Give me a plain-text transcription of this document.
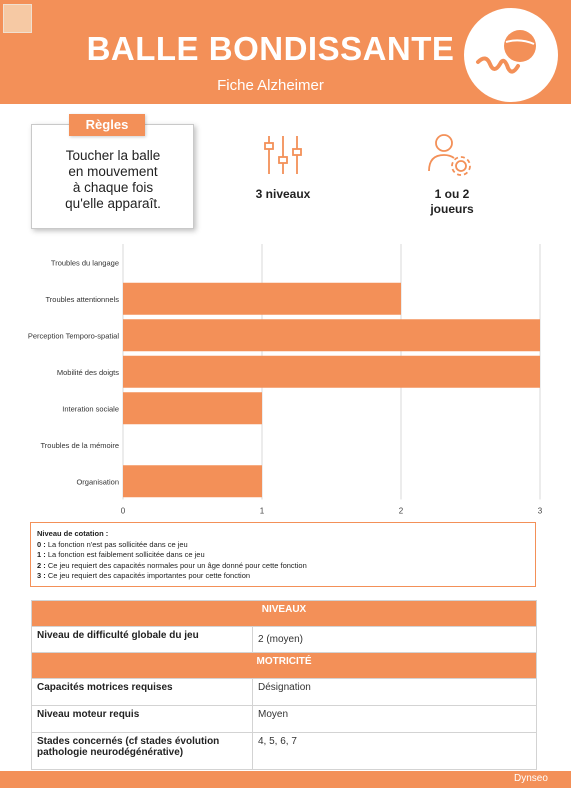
BALLE BONDISSANTE
Fiche Alzheimer
Règles
Toucher la balle
en mouvement
à chaque fois
qu'elle apparaît.
3 niveaux	1 ou 2
joueurs
0	1	2	3
Troubles du langage
Troubles attentionnels
Perception Temporo-spatial
Mobilité des doigts
Interation sociale
Troubles de la mémoire
Organisation
Niveau de cotation :
0 : La fonction n'est pas sollicitée dans ce jeu
1 : La fonction est faiblement sollicitée dans ce jeu
2 : Ce jeu requiert des capacités normales pour un âge donné pour cette fonction
3 : Ce jeu requiert des capacités importantes pour cette fonction
NIVEAUX	
Niveau de difficulté globale du jeu	2 (moyen)
MOTRICITÉ	
Capacités motrices requises	Désignation
Niveau moteur requis	Moyen
Stades concernés (cf stades évolution pathologie neurodégénérative)	4, 5, 6, 7
Dynseo
